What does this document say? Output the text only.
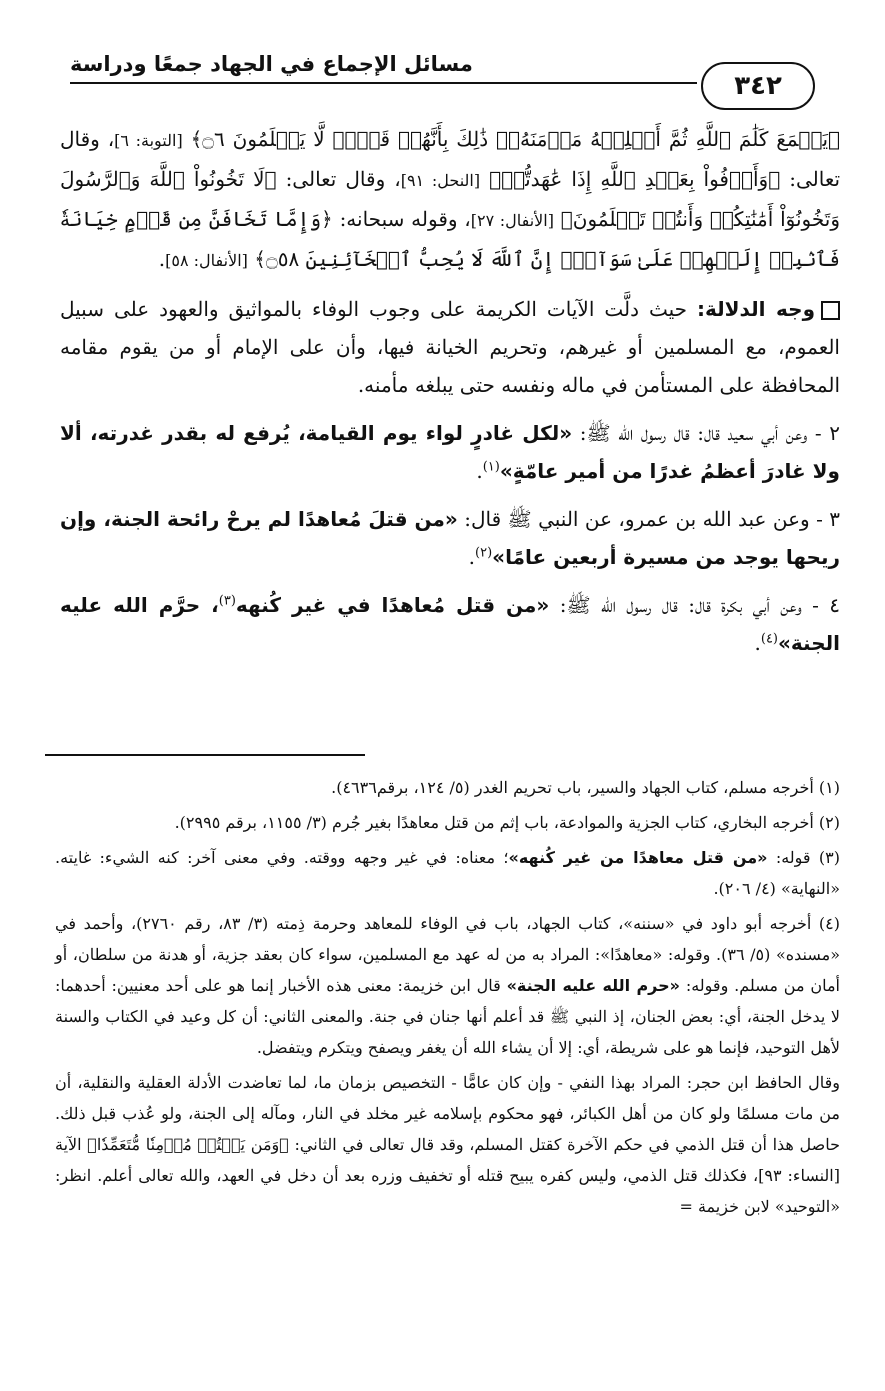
مسائل الإجماع في الجهاد جمعًا ودراسة
٣٤٢

﴿يَسۡمَعَ كَلَٰمَ ٱللَّهِ ثُمَّ أَبۡلِغۡهُ مَأۡمَنَهُۥۚ ذَٰلِكَ بِأَنَّهُمۡ قَوۡمٞ لَّا يَعۡلَمُونَ ۝٦﴾ [التوبة: ٦]، وقال تعالى: ﴿وَأَوۡفُواْ بِعَهۡدِ ٱللَّهِ إِذَا عَٰهَدتُّمۡ﴾ [النحل: ٩١]، وقال تعالى: ﴿لَا تَخُونُواْ ٱللَّهَ وَٱلرَّسُولَ وَتَخُونُوٓاْ أَمَٰنَٰتِكُمۡ وَأَنتُمۡ تَعۡلَمُونَ﴾ [الأنفال: ٢٧]، وقوله سبحانه: ﴿وَإِمَّا تَخَافَنَّ مِن قَوۡمٍ خِيَانَةٗ فَٱنۢبِذۡ إِلَيۡهِمۡ عَلَىٰ سَوَآءٍۚ إِنَّ ٱللَّهَ لَا يُحِبُّ ٱلۡخَآئِنِينَ ۝٥٨﴾ [الأنفال: ٥٨].

وجه الدلالة: حيث دلَّت الآيات الكريمة على وجوب الوفاء بالمواثيق والعهود على سبيل العموم، مع المسلمين أو غيرهم، وتحريم الخيانة فيها، وأن على الإمام أو من يقوم مقامه المحافظة على المستأمن في ماله ونفسه حتى يبلغه مأمنه.

٢ - وعن أبي سعيد قال: قال رسول الله ﷺ: «لكل غادرٍ لواء يوم القيامة، يُرفع له بقدر غدرته، ألا ولا غادرَ أعظمُ غدرًا من أمير عامّةٍ»$^{(١)}$.

٣ - وعن عبد الله بن عمرو، عن النبي ﷺ قال: «من قتلَ مُعاهدًا لم يرحْ رائحة الجنة، وإن ريحها يوجد من مسيرة أربعين عامًا»$^{(٢)}$.

٤ - وعن أبي بكرة قال: قال رسول الله ﷺ: «من قتل مُعاهدًا في غير كُنهه$^{(٣)}$، حرَّم الله عليه الجنة»$^{(٤)}$.

(١) أخرجه مسلم، كتاب الجهاد والسير، باب تحريم الغدر (٥/ ١٢٤، برقم٤٦٣٦).

(٢) أخرجه البخاري، كتاب الجزية والموادعة، باب إثم من قتل معاهدًا بغير جُرم (٣/ ١١٥٥، برقم ٢٩٩٥).

(٣) قوله: «من قتل معاهدًا من غير كُنهه»؛ معناه: في غير وجهه ووقته. وفي معنى آخر: كنه الشيء: غايته. «النهاية» (٤/ ٢٠٦).

(٤) أخرجه أبو داود في «سننه»، كتاب الجهاد، باب في الوفاء للمعاهد وحرمة ذِمته (٣/ ٨٣، رقم ٢٧٦٠)، وأحمد في «مسنده» (٥/ ٣٦). وقوله: «معاهدًا»: المراد به من له عهد مع المسلمين، سواء كان بعقد جزية، أو هدنة من سلطان، أو أمان من مسلم. وقوله: «حرم الله عليه الجنة» قال ابن خزيمة: معنى هذه الأخبار إنما هو على أحد معنيين: أحدهما: لا يدخل الجنة، أي: بعض الجنان، إذ النبي ﷺ قد أعلم أنها جنان في جنة. والمعنى الثاني: أن كل وعيد في الكتاب والسنة لأهل التوحيد، فإنما هو على شريطة، أي: إلا أن يشاء الله أن يغفر ويصفح ويتكرم ويتفضل.

وقال الحافظ ابن حجر: المراد بهذا النفي - وإن كان عامًّا - التخصيص بزمان ما، لما تعاضدت الأدلة العقلية والنقلية، أن من مات مسلمًا ولو كان من أهل الكبائر، فهو محكوم بإسلامه غير مخلد في النار، ومآله إلى الجنة، ولو عُذب قبل ذلك. حاصل هذا أن قتل الذمي في حكم الآخرة كقتل المسلم، وقد قال تعالى في الثاني: ﴿وَمَن يَقۡتُلۡ مُؤۡمِنٗا مُّتَعَمِّدٗا﴾ الآية [النساء: ٩٣]، فكذلك قتل الذمي، وليس كفره يبيح قتله أو تخفيف وزره بعد أن دخل في العهد، والله تعالى أعلم. انظر: «التوحيد» لابن خزيمة =
